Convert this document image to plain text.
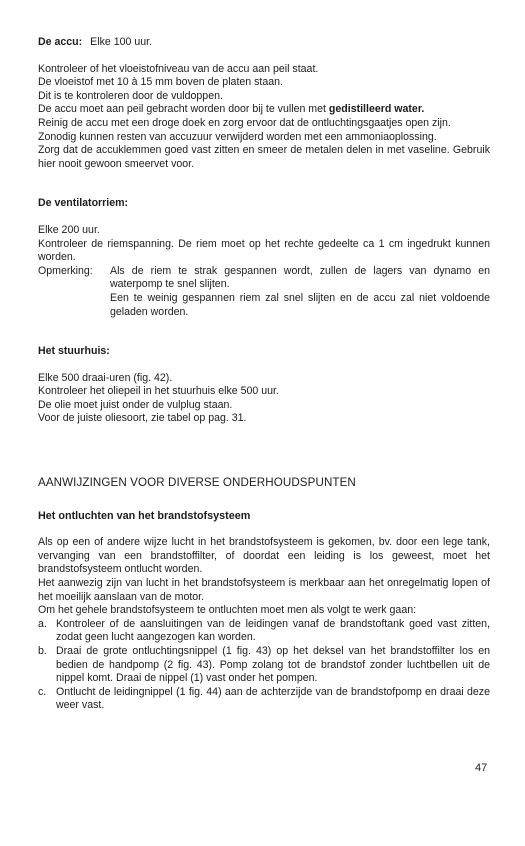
De accu: Elke 100 uur.

Kontroleer of het vloeistofniveau van de accu aan peil staat.

De vloeistof met 10 à 15 mm boven de platen staan.

Dit is te kontroleren door de vuldoppen.

De accu moet aan peil gebracht worden door bij te vullen met gedistilleerd water.

Reinig de accu met een droge doek en zorg ervoor dat de ontluchtingsgaatjes open zijn.

Zonodig kunnen resten van accuzuur verwijderd worden met een ammoniaoplossing.

Zorg dat de accuklemmen goed vast zitten en smeer de metalen delen in met vaseline. Gebruik hier nooit gewoon smeervet voor.

De ventilatorriem:

Elke 200 uur.

Kontroleer de riemspanning. De riem moet op het rechte gedeelte ca 1 cm ingedrukt kunnen worden.

Opmerking:	Als de riem te strak gespannen wordt, zullen de lagers van dynamo en waterpomp te snel slijten.

Een te weinig gespannen riem zal snel slijten en de accu zal niet voldoende geladen worden.

Het stuurhuis:

Elke 500 draai-uren (fig. 42).

Kontroleer het oliepeil in het stuurhuis elke 500 uur.

De olie moet juist onder de vulplug staan.

Voor de juiste oliesoort, zie tabel op pag. 31.

AANWIJZINGEN VOOR DIVERSE ONDERHOUDSPUNTEN

Het ontluchten van het brandstofsysteem

Als op een of andere wijze lucht in het brandstofsysteem is gekomen, bv. door een lege tank, vervanging van een brandstoffilter, of doordat een leiding is los geweest, moet het brandstofsysteem ontlucht worden.

Het aanwezig zijn van lucht in het brandstofsysteem is merkbaar aan het onregelmatig lopen of het moeilijk aanslaan van de motor.

Om het gehele brandstofsysteem te ontluchten moet men als volgt te werk gaan:

a. Kontroleer of de aansluitingen van de leidingen vanaf de brandstoftank goed vast zitten, zodat geen lucht aangezogen kan worden.
b. Draai de grote ontluchtingsnippel (1 fig. 43) op het deksel van het brandstoffilter los en bedien de handpomp (2 fig. 43). Pomp zolang tot de brandstof zonder luchtbellen uit de nippel komt. Draai de nippel (1) vast onder het pompen.
c. Ontlucht de leidingnippel (1 fig. 44) aan de achterzijde van de brandstofpomp en draai deze weer vast.
47
